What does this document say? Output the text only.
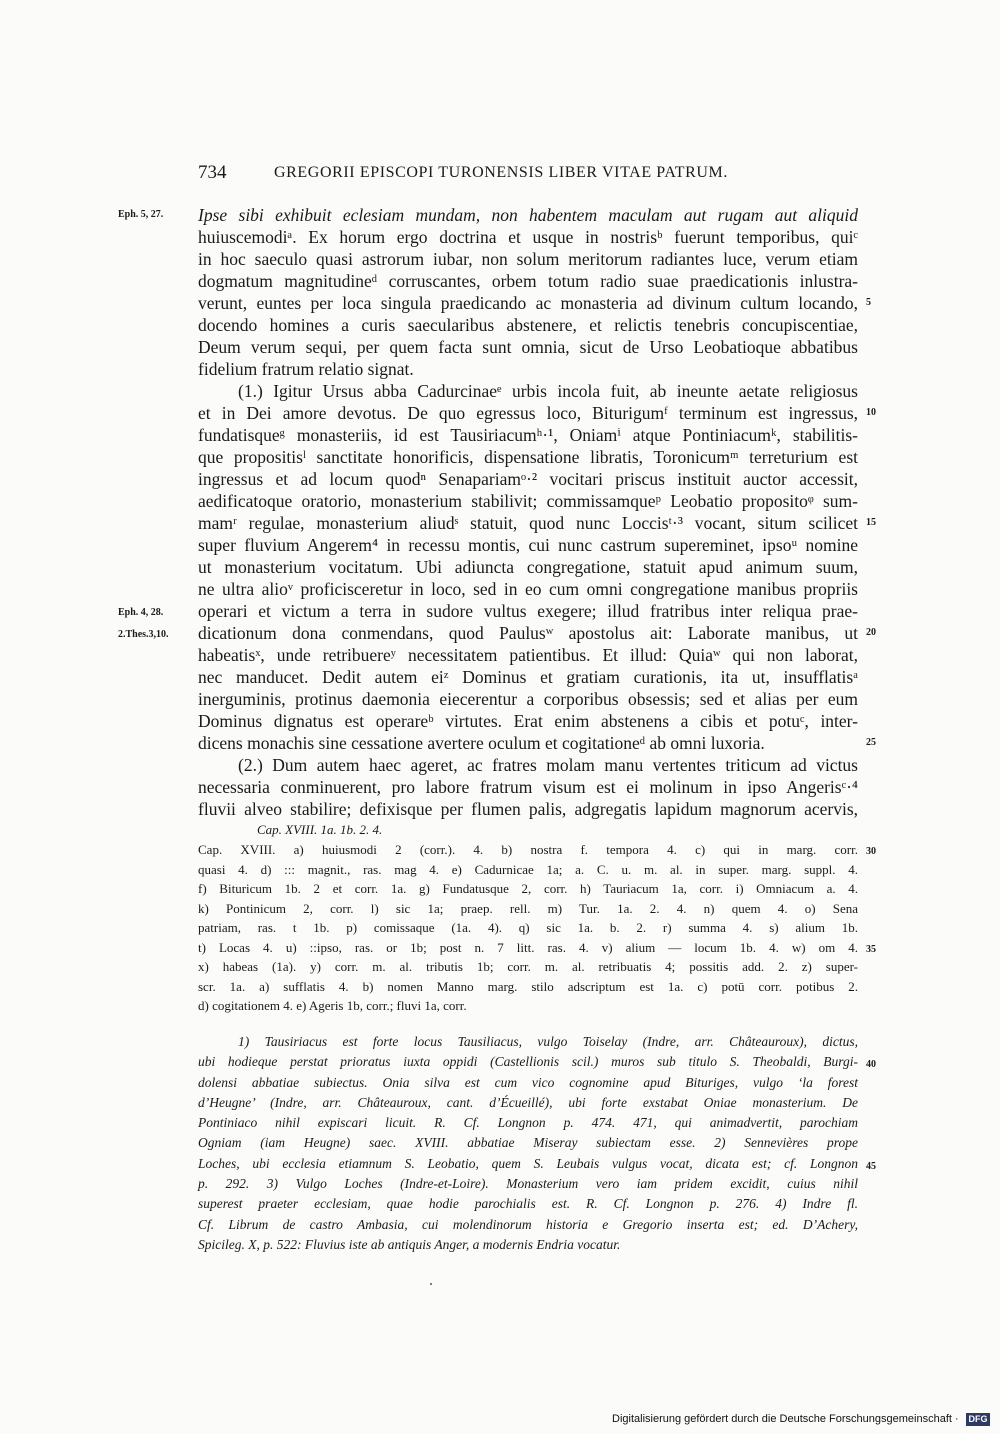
734	GREGORII EPISCOPI TURONENSIS LIBER VITAE PATRUM.
Eph. 5, 27.
Eph. 4, 28.
2.Thes.3,10.
Ipse sibi exhibuit eclesiam mundam, non habentem maculam aut rugam aut aliquid
huiuscemodiᵃ. Ex horum ergo doctrina et usque in nostrisᵇ fuerunt temporibus, quiᶜ
in hoc saeculo quasi astrorum iubar, non solum meritorum radiantes luce, verum etiam
dogmatum magnitudineᵈ corruscantes, orbem totum radio suae praedicationis inlustra-
verunt, euntes per loca singula praedicando ac monasteria ad divinum cultum locando,
docendo homines a curis saecularibus abstenere, et relictis tenebris concupiscentiae,
Deum verum sequi, per quem facta sunt omnia, sicut de Urso Leobatioque abbatibus
fidelium fratrum relatio signat.
(1.) Igitur Ursus abba Cadurcinaeᵉ urbis incola fuit, ab ineunte aetate religiosus
et in Dei amore devotus. De quo egressus loco, Biturigumᶠ terminum est ingressus,
fundatisqueᵍ monasteriis, id est Tausiriacumʰ·¹, Oniamⁱ atque Pontiniacumᵏ, stabilitis-
que propositisˡ sanctitate honorificis, dispensatione libratis, Toronicumᵐ terreturium est
ingressus et ad locum quodⁿ Senapariamᵒ·² vocitari priscus instituit auctor accessit,
aedificatoque oratorio, monasterium stabilivit; commissamqueᵖ Leobatio propositoᵠ sum-
mamʳ regulae, monasterium aliudˢ statuit, quod nunc Loccisᵗ·³ vocant, situm scilicet
super fluvium Angerem⁴ in recessu montis, cui nunc castrum supereminet, ipsoᵘ nomine
ut monasterium vocitatum. Ubi adiuncta congregatione, statuit apud animum suum,
ne ultra alioᵛ proficisceretur in loco, sed in eo cum omni congregatione manibus propriis
operari et victum a terra in sudore vultus exegere; illud fratribus inter reliqua prae-
dicationum dona conmendans, quod Paulusʷ apostolus ait: Laborate manibus, ut
habeatisˣ, unde retribuereʸ necessitatem patientibus. Et illud: Quiaʷ qui non laborat,
nec manducet. Dedit autem eiᶻ Dominus et gratiam curationis, ita ut, insufflatisᵃ
inerguminis, protinus daemonia eiecerentur a corporibus obsessis; sed et alias per eum
Dominus dignatus est operareᵇ virtutes. Erat enim abstenens a cibis et potuᶜ, inter-
dicens monachis sine cessatione avertere oculum et cogitationeᵈ ab omni luxoria.
(2.) Dum autem haec ageret, ac fratres molam manu vertentes triticum ad victus
necessaria conminuerent, pro labore fratrum visum est ei molinum in ipso Angerisᶜ·⁴
fluvii alveo stabilire; defixisque per flumen palis, adgregatis lapidum magnorum acervis,
5
10
15
20
25
Cap. XVIII. 1a. 1b. 2. 4.
Cap. XVIII. a) huiusmodi 2 (corr.). 4. b) nostra f. tempora 4. c) qui in marg. corr.
quasi 4. d) ::: magnit., ras. mag 4. e) Cadurnicae 1a; a. C. u. m. al. in super. marg. suppl. 4.
f) Bituricum 1b. 2 et corr. 1a. g) Fundatusque 2, corr. h) Tauriacum 1a, corr. i) Omniacum a. 4.
k) Pontinicum 2, corr. l) sic 1a; praep. rell. m) Tur. 1a. 2. 4. n) quem 4. o) Sena
patriam, ras. t 1b. p) comissaque (1a. 4). q) sic 1a. b. 2. r) summa 4. s) alium 1b.
t) Locas 4. u) ::ipso, ras. or 1b; post n. 7 litt. ras. 4. v) alium — locum 1b. 4. w) om 4.
x) habeas (1a). y) corr. m. al. tributis 1b; corr. m. al. retribuatis 4; possitis add. 2. z) super-
scr. 1a. a) sufflatis 4. b) nomen Manno marg. stilo adscriptum est 1a. c) potū corr. potibus 2.
d) cogitationem 4. e) Ageris 1b, corr.; fluvi 1a, corr.
30
35
1) Tausiriacus est forte locus Tausiliacus, vulgo Toiselay (Indre, arr. Châteauroux), dictus,
ubi hodieque perstat prioratus iuxta oppidi (Castellionis scil.) muros sub titulo S. Theobaldi, Burgi-
dolensi abbatiae subiectus. Onia silva est cum vico cognomine apud Bituriges, vulgo ‘la forest
d’Heugne’ (Indre, arr. Châteauroux, cant. d’Écueillé), ubi forte exstabat Oniae monasterium. De
Pontiniaco nihil expiscari licuit. R. Cf. Longnon p. 474. 471, qui animadvertit, parochiam
Ogniam (iam Heugne) saec. XVIII. abbatiae Miseray subiectam esse. 2) Sennevières prope
Loches, ubi ecclesia etiamnum S. Leobatio, quem S. Leubais vulgus vocat, dicata est; cf. Longnon
p. 292. 3) Vulgo Loches (Indre-et-Loire). Monasterium vero iam pridem excidit, cuius nihil
superest praeter ecclesiam, quae hodie parochialis est. R. Cf. Longnon p. 276. 4) Indre fl.
Cf. Librum de castro Ambasia, cui molendinorum historia e Gregorio inserta est; ed. D’Achery,
Spicileg. X, p. 522: Fluvius iste ab antiquis Anger, a modernis Endria vocatur.
40
45
Digitalisierung gefördert durch die Deutsche Forschungsgemeinschaft · DFG
